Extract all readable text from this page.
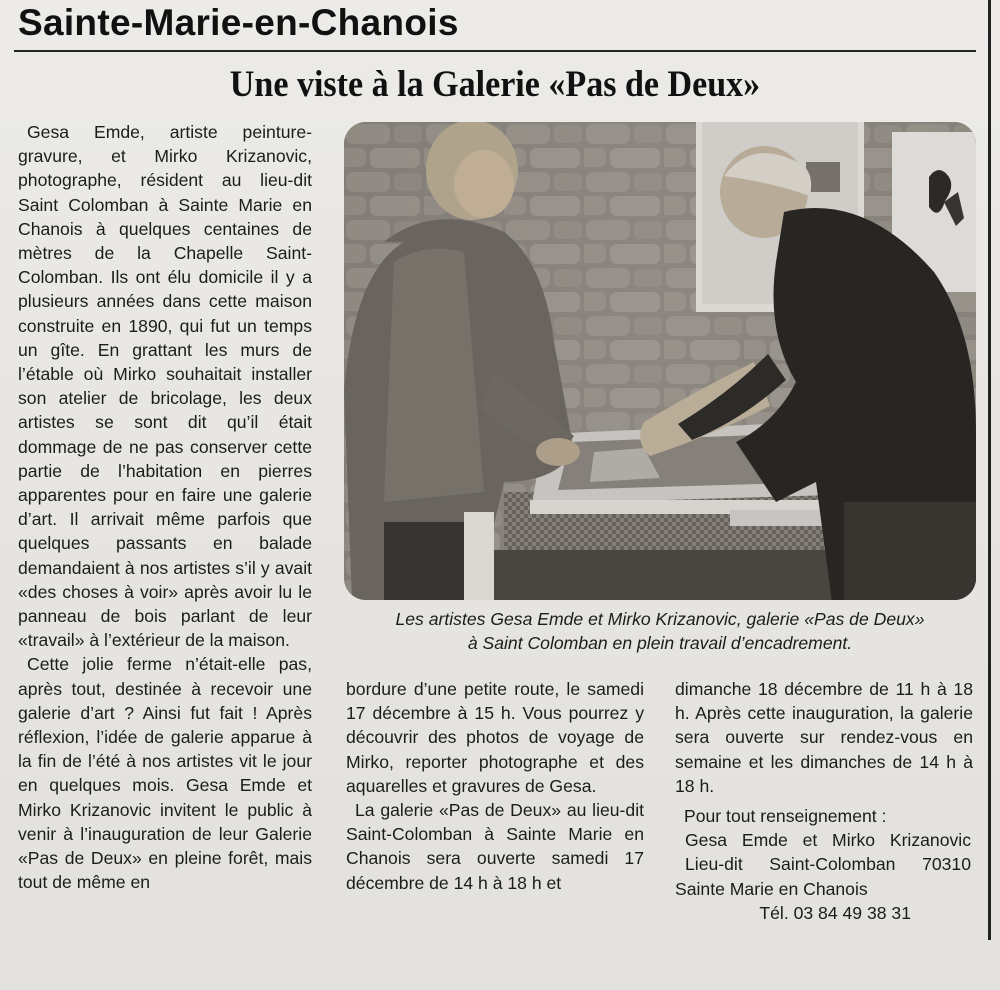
Sainte-Marie-en-Chanois
Une viste à la Galerie «Pas de Deux»

Gesa Emde, artiste peinture-gravure, et Mirko Krizanovic, photographe, résident au lieu-dit Saint Colomban à Sainte Marie en Chanois à quelques centaines de mètres de la Chapelle Saint-Colomban. Ils ont élu domicile il y a plusieurs années dans cette maison construite en 1890, qui fut un temps un gîte. En grattant les murs de l’étable où Mirko souhaitait installer son atelier de bricolage, les deux artistes se sont dit qu’il était dommage de ne pas conserver cette partie de l’habitation en pierres apparentes pour en faire une galerie d’art. Il arrivait même parfois que quelques passants en balade demandaient à nos artistes s’il y avait «des choses à voir» après avoir lu le panneau de bois parlant de leur «travail» à l’extérieur de la maison.

Cette jolie ferme n’était-elle pas, après tout, destinée à recevoir une galerie d’art ? Ainsi fut fait ! Après réflexion, l’idée de galerie apparue à la fin de l’été à nos artistes vit le jour en quelques mois. Gesa Emde et Mirko Krizanovic invitent le public à venir à l’inauguration de leur Galerie «Pas de Deux» en pleine forêt, mais tout de même en

Les artistes Gesa Emde et Mirko Krizanovic, galerie «Pas de Deux»
à Saint Colomban en plein travail d’encadrement.

bordure d’une petite route, le samedi 17 décembre à 15 h. Vous pourrez y découvrir des photos de voyage de Mirko, reporter photographe et des aquarelles et gravures de Gesa.

La galerie «Pas de Deux» au lieu-dit Saint-Colomban à Sainte Marie en Chanois sera ouverte samedi 17 décembre de 14 h à 18 h et

dimanche 18 décembre de 11 h à 18 h. Après cette inauguration, la galerie sera ouverte sur rendez-vous en semaine et les dimanches de 14 h à 18 h.

Pour tout renseignement :

Gesa Emde et Mirko Krizanovic

Lieu-dit Saint-Colomban 70310

Sainte Marie en Chanois

Tél. 03 84 49 38 31
